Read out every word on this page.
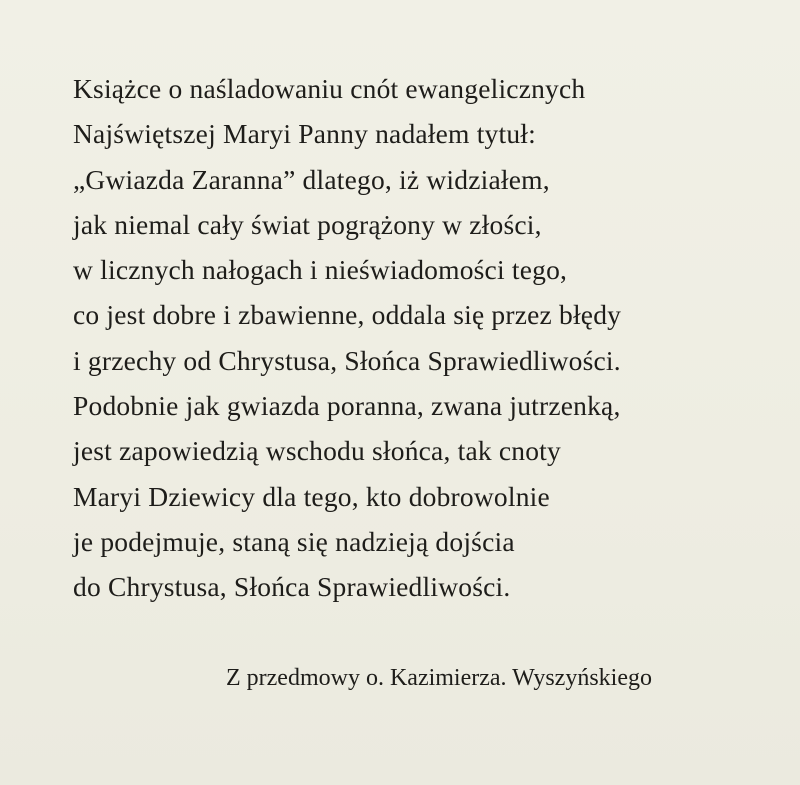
Książce o naśladowaniu cnót ewangelicznych
Najświętszej Maryi Panny nadałem tytuł:
„Gwiazda Zaranna” dlatego, iż widziałem,
jak niemal cały świat pogrążony w złości,
w licznych nałogach i nieświadomości tego,
co jest dobre i zbawienne, oddala się przez błędy
i grzechy od Chrystusa, Słońca Sprawiedliwości.
Podobnie jak gwiazda poranna, zwana jutrzenką,
jest zapowiedzią wschodu słońca, tak cnoty
Maryi Dziewicy dla tego, kto dobrowolnie
je podejmuje, staną się nadzieją dojścia
do Chrystusa, Słońca Sprawiedliwości.

Z przedmowy o. Kazimierza. Wyszyńskiego
